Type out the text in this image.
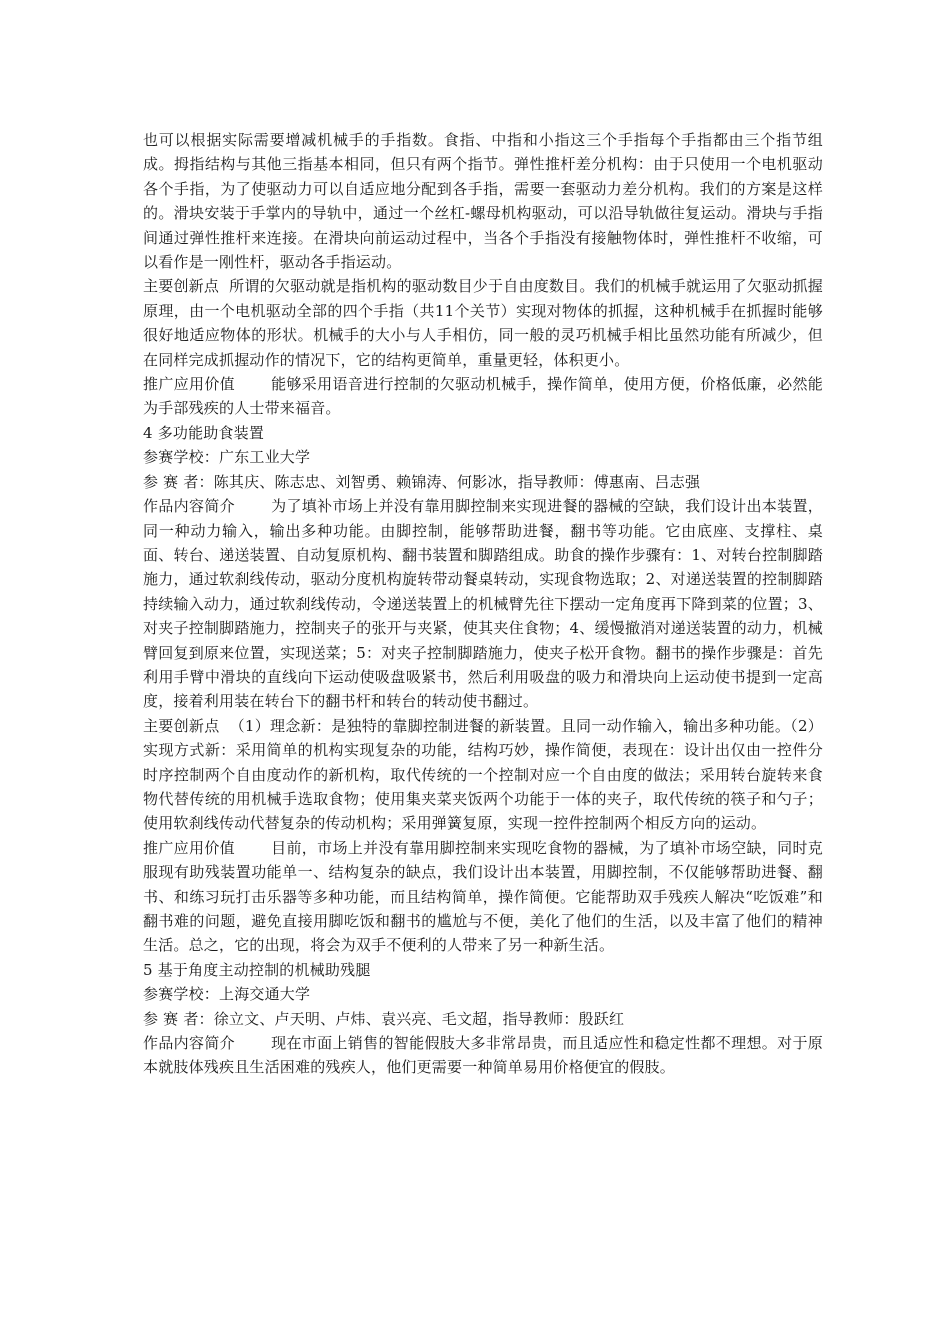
也可以根据实际需要增减机械手的手指数。食指、中指和小指这三个手指每个手指都由三个指节组成。拇指结构与其他三指基本相同，但只有两个指节。弹性推杆差分机构：由于只使用一个电机驱动各个手指，为了使驱动力可以自适应地分配到各手指，需要一套驱动力差分机构。我们的方案是这样的。滑块安装于手掌内的导轨中，通过一个丝杠-螺母机构驱动，可以沿导轨做往复运动。滑块与手指间通过弹性推杆来连接。在滑块向前运动过程中，当各个手指没有接触物体时，弹性推杆不收缩，可以看作是一刚性杆，驱动各手指运动。

主要创新点 所谓的欠驱动就是指机构的驱动数目少于自由度数目。我们的机械手就运用了欠驱动抓握原理，由一个电机驱动全部的四个手指（共11个关节）实现对物体的抓握，这种机械手在抓握时能够很好地适应物体的形状。机械手的大小与人手相仿，同一般的灵巧机械手相比虽然功能有所减少，但在同样完成抓握动作的情况下，它的结构更简单，重量更轻，体积更小。

推广应用价值 能够采用语音进行控制的欠驱动机械手，操作简单，使用方便，价格低廉，必然能为手部残疾的人士带来福音。

4 多功能助食装置

参赛学校：广东工业大学

参 赛 者：陈其庆、陈志忠、刘智勇、赖锦涛、何影冰，指导教师：傅惠南、吕志强

作品内容简介 为了填补市场上并没有靠用脚控制来实现进餐的器械的空缺，我们设计出本装置，同一种动力输入，输出多种功能。由脚控制，能够帮助进餐，翻书等功能。它由底座、支撑柱、桌面、转台、递送装置、自动复原机构、翻书装置和脚踏组成。助食的操作步骤有：1、对转台控制脚踏施力，通过软刹线传动，驱动分度机构旋转带动餐桌转动，实现食物选取；2、对递送装置的控制脚踏持续输入动力，通过软刹线传动，令递送装置上的机械臂先往下摆动一定角度再下降到菜的位置；3、对夹子控制脚踏施力，控制夹子的张开与夹紧，使其夹住食物；4、缓慢撤消对递送装置的动力，机械臂回复到原来位置，实现送菜；5：对夹子控制脚踏施力，使夹子松开食物。翻书的操作步骤是：首先利用手臂中滑块的直线向下运动使吸盘吸紧书，然后利用吸盘的吸力和滑块向上运动使书提到一定高度，接着利用装在转台下的翻书杆和转台的转动使书翻过。

主要创新点 （1）理念新：是独特的靠脚控制进餐的新装置。且同一动作输入，输出多种功能。（2）实现方式新：采用简单的机构实现复杂的功能，结构巧妙，操作简便，表现在：设计出仅由一控件分时序控制两个自由度动作的新机构，取代传统的一个控制对应一个自由度的做法；采用转台旋转来食物代替传统的用机械手选取食物；使用集夹菜夹饭两个功能于一体的夹子，取代传统的筷子和勺子；使用软刹线传动代替复杂的传动机构；采用弹簧复原，实现一控件控制两个相反方向的运动。

推广应用价值 目前，市场上并没有靠用脚控制来实现吃食物的器械，为了填补市场空缺，同时克服现有助残装置功能单一、结构复杂的缺点，我们设计出本装置，用脚控制，不仅能够帮助进餐、翻书、和练习玩打击乐器等多种功能，而且结构简单，操作简便。它能帮助双手残疾人解决“吃饭难”和翻书难的问题，避免直接用脚吃饭和翻书的尴尬与不便，美化了他们的生活，以及丰富了他们的精神生活。总之，它的出现，将会为双手不便利的人带来了另一种新生活。

5 基于角度主动控制的机械助残腿

参赛学校：上海交通大学

参 赛 者：徐立文、卢天明、卢炜、袁兴亮、毛文超，指导教师：殷跃红

作品内容简介 现在市面上销售的智能假肢大多非常昂贵，而且适应性和稳定性都不理想。对于原本就肢体残疾且生活困难的残疾人，他们更需要一种简单易用价格便宜的假肢。
